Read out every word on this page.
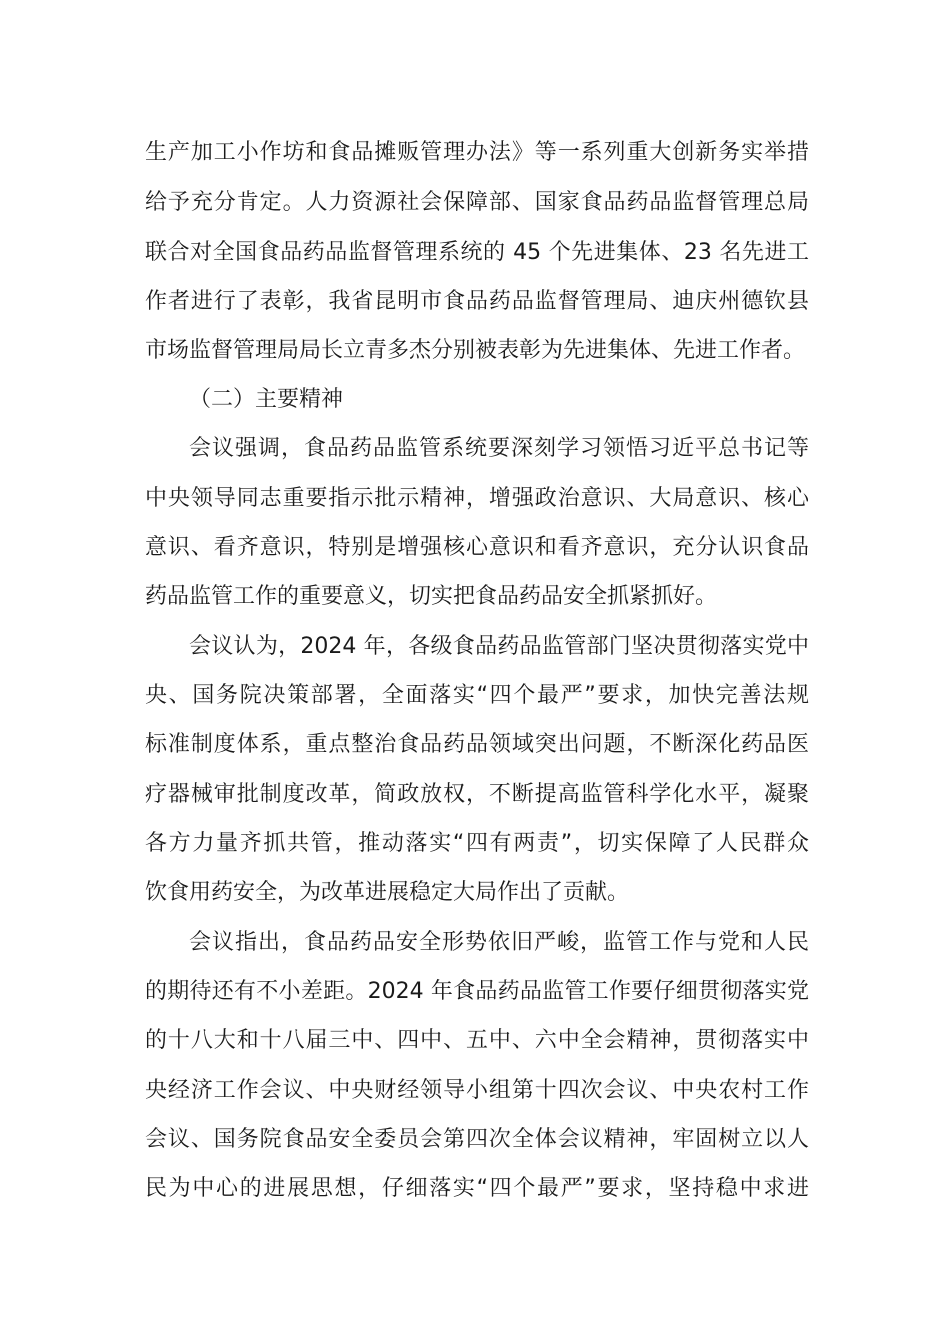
生产加工小作坊和食品摊贩管理办法》等一系列重大创新务实举措
给予充分肯定。人力资源社会保障部、国家食品药品监督管理总局
联合对全国食品药品监督管理系统的 45 个先进集体、23 名先进工
作者进行了表彰，我省昆明市食品药品监督管理局、迪庆州德钦县
市场监督管理局局长立青多杰分别被表彰为先进集体、先进工作者。
（二）主要精神
会议强调，食品药品监管系统要深刻学习领悟习近平总书记等
中央领导同志重要指示批示精神，增强政治意识、大局意识、核心
意识、看齐意识，特别是增强核心意识和看齐意识，充分认识食品
药品监管工作的重要意义，切实把食品药品安全抓紧抓好。
会议认为，2024 年，各级食品药品监管部门坚决贯彻落实党中
央、国务院决策部署，全面落实“四个最严”要求，加快完善法规
标准制度体系，重点整治食品药品领域突出问题，不断深化药品医
疗器械审批制度改革，简政放权，不断提高监管科学化水平，凝聚
各方力量齐抓共管，推动落实“四有两责”，切实保障了人民群众
饮食用药安全，为改革进展稳定大局作出了贡献。
会议指出，食品药品安全形势依旧严峻，监管工作与党和人民
的期待还有不小差距。2024 年食品药品监管工作要仔细贯彻落实党
的十八大和十八届三中、四中、五中、六中全会精神，贯彻落实中
央经济工作会议、中央财经领导小组第十四次会议、中央农村工作
会议、国务院食品安全委员会第四次全体会议精神，牢固树立以人
民为中心的进展思想，仔细落实“四个最严”要求，坚持稳中求进
